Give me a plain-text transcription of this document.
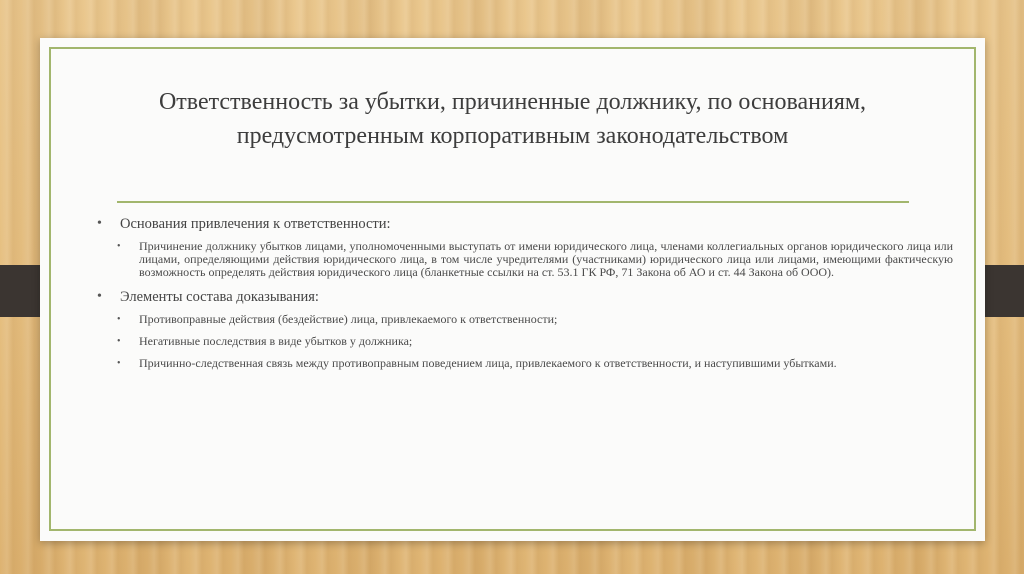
Ответственность за убытки, причиненные должнику, по основаниям, предусмотренным корпоративным законодательством
• Основания привлечения к ответственности:
• Причинение должнику убытков лицами, уполномоченными выступать от имени юридического лица, членами коллегиальных органов юридического лица или лицами, определяющими действия юридического лица, в том числе учредителями (участниками) юридического лица или лицами, имеющими фактическую возможность определять действия юридического лица (бланкетные ссылки на ст. 53.1 ГК РФ, 71 Закона об АО и ст. 44 Закона об ООО).
• Элементы состава доказывания:
• Противоправные действия (бездействие) лица, привлекаемого к ответственности;
• Негативные последствия в виде убытков у должника;
• Причинно-следственная связь между противоправным поведением лица, привлекаемого к ответственности, и наступившими убытками.
